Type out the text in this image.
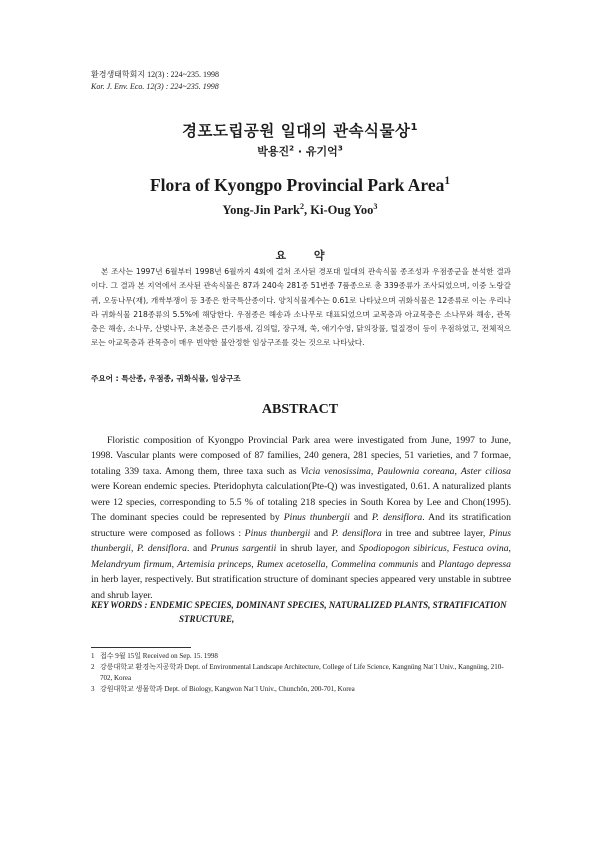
환경생태학회지 12(3) : 224~235. 1998
Kor. J. Env. Eco. 12(3) : 224~235. 1998
경포도립공원 일대의 관속식물상$^1$
박용진$^2$ · 유기억$^3$
Flora of Kyongpo Provincial Park Area$^1$
Yong-Jin Park$^2$, Ki-Oug Yoo$^3$
요 약

본 조사는 1997년 6월부터 1998년 6월까지 4회에 걸쳐 조사된 경포대 일대의 관속식물 종조성과 우점종군을 분석한 결과이다. 그 결과 본 지역에서 조사된 관속식물은 87과 240속 281종 51변종 7품종으로 총 339종류가 조사되었으며, 이중 노랑갈퀴, 오동나무(재), 개싹부쟁이 등 3종은 한국특산종이다. 양치식물계수는 0.61로 나타났으며 귀화식물은 12종류로 이는 우리나라 귀화식물 218종류의 5.5%에 해당한다. 우점종은 해송과 소나무로 대표되었으며 교목층과 아교목층은 소나무와 해송, 관목층은 해송, 소나무, 산벚나무, 초본층은 큰기름새, 김의털, 장구채, 쑥, 애기수영, 닭의장풀, 털질경이 등이 우점하였고, 전체적으로는 아교목층과 관목층이 매우 빈약한 불안정한 임상구조를 갖는 것으로 나타났다.

주요어 : 특산종, 우점종, 귀화식물, 임상구조
ABSTRACT

Floristic composition of Kyongpo Provincial Park area were investigated from June, 1997 to June, 1998. Vascular plants were composed of 87 families, 240 genera, 281 species, 51 varieties, and 7 formae, totaling 339 taxa. Among them, three taxa such as Vicia venosissima, Paulownia coreana, Aster ciliosa were Korean endemic species. Pteridophyta calculation(Pte-Q) was investigated, 0.61. A naturalized plants were 12 species, corresponding to 5.5 % of totaling 218 species in South Korea by Lee and Chon(1995). The dominant species could be represented by Pinus thunbergii and P. densiflora. And its stratification structure were composed as follows : Pinus thunbergii and P. densiflora in tree and subtree layer, Pinus thunbergii, P. densiflora. and Prunus sargentii in shrub layer, and Spodiopogon sibiricus, Festuca ovina, Melandryum firmum, Artemisia princeps, Rumex acetosella, Commelina communis and Plantago depressa in herb layer, respectively. But stratification structure of dominant species appeared very unstable in subtree and shrub layer.

KEY WORDS : ENDEMIC SPECIES, DOMINANT SPECIES, NATURALIZED PLANTS, STRATIFICATION
STRUCTURE,
1 접수 9월 15일 Received on Sep. 15. 1998
2 강릉대학교 환경녹지공학과 Dept. of Environmental Landscape Architecture, College of Life Science, Kangnüng Nat`l Univ., Kangnüng, 210-702, Korea
3 강원대학교 생물학과 Dept. of Biology, Kangwon Nat`l Univ., Chunchŏn, 200-701, Korea
